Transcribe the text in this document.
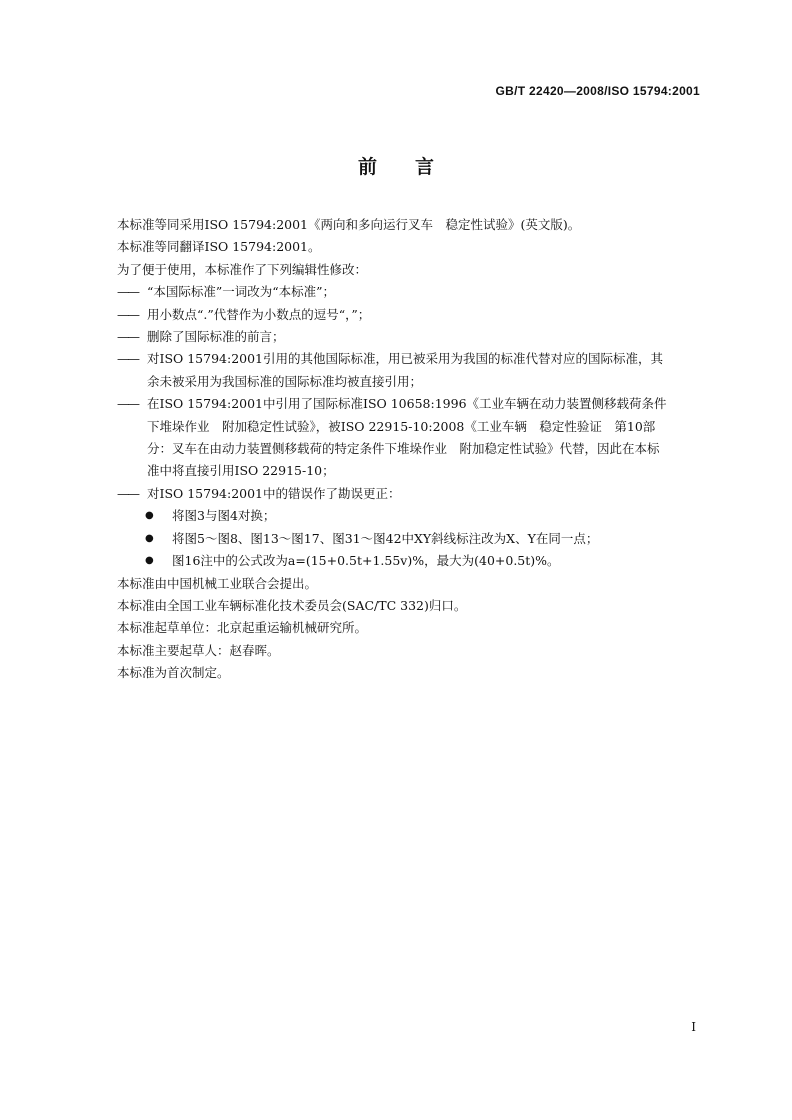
GB/T 22420—2008/ISO 15794:2001
前言

本标准等同采用ISO 15794:2001《两向和多向运行叉车　稳定性试验》(英文版)。

本标准等同翻译ISO 15794:2001。

为了便于使用，本标准作了下列编辑性修改：

—— “本国际标准”一词改为“本标准”；
—— 用小数点“.”代替作为小数点的逗号“，”；
—— 删除了国际标准的前言；
—— 对ISO 15794:2001引用的其他国际标准，用已被采用为我国的标准代替对应的国际标准，其
余未被采用为我国标准的国际标准均被直接引用；
—— 在ISO 15794:2001中引用了国际标准ISO 10658:1996《工业车辆在动力装置侧移载荷条件
下堆垛作业　附加稳定性试验》，被ISO 22915-10:2008《工业车辆　稳定性验证　第10部
分：叉车在由动力装置侧移载荷的特定条件下堆垛作业　附加稳定性试验》代替，因此在本标
准中将直接引用ISO 22915-10；
—— 对ISO 15794:2001中的错误作了勘误更正：
● 将图3与图4对换；
● 将图5～图8、图13～图17、图31～图42中XY斜线标注改为X、Y在同一点；
● 图16注中的公式改为a=(15+0.5t+1.55v)%，最大为(40+0.5t)%。

本标准由中国机械工业联合会提出。

本标准由全国工业车辆标准化技术委员会(SAC/TC 332)归口。

本标准起草单位：北京起重运输机械研究所。

本标准主要起草人：赵春晖。

本标准为首次制定。

I
